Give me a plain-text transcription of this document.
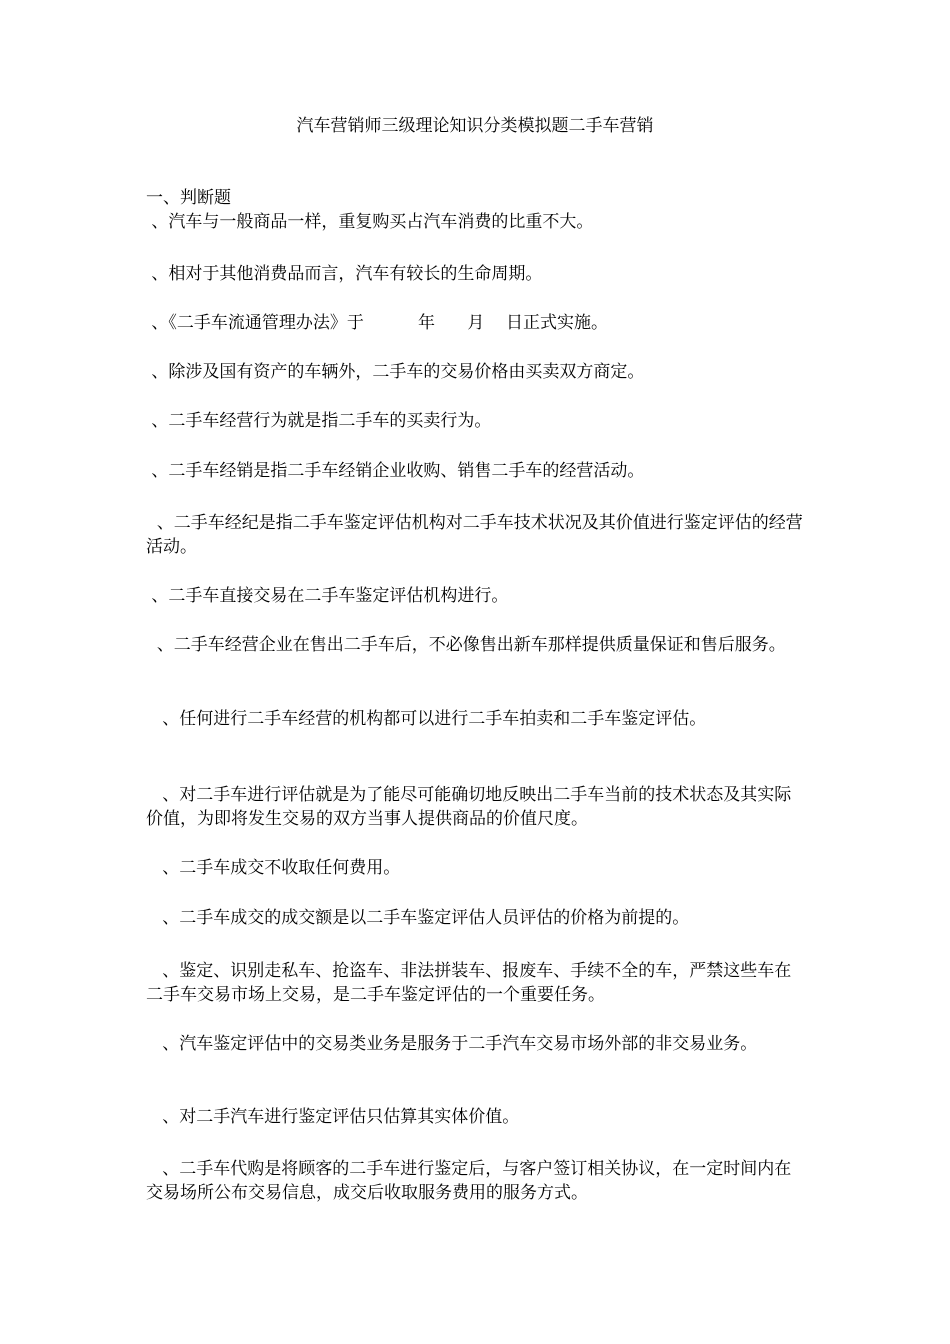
汽车营销师三级理论知识分类模拟题二手车营销
一、判断题
、汽车与一般商品一样，重复购买占汽车消费的比重不大。
、相对于其他消费品而言，汽车有较长的生命周期。
、《二手车流通管理办法》于          年      月    日正式实施。
、除涉及国有资产的车辆外，二手车的交易价格由买卖双方商定。
、二手车经营行为就是指二手车的买卖行为。
、二手车经销是指二手车经销企业收购、销售二手车的经营活动。
、二手车经纪是指二手车鉴定评估机构对二手车技术状况及其价值进行鉴定评估的经营活动。
、二手车直接交易在二手车鉴定评估机构进行。
、二手车经营企业在售出二手车后，不必像售出新车那样提供质量保证和售后服务。
、任何进行二手车经营的机构都可以进行二手车拍卖和二手车鉴定评估。
、对二手车进行评估就是为了能尽可能确切地反映出二手车当前的技术状态及其实际价值，为即将发生交易的双方当事人提供商品的价值尺度。
、二手车成交不收取任何费用。
、二手车成交的成交额是以二手车鉴定评估人员评估的价格为前提的。
、鉴定、识别走私车、抢盗车、非法拼装车、报废车、手续不全的车，严禁这些车在二手车交易市场上交易，是二手车鉴定评估的一个重要任务。
、汽车鉴定评估中的交易类业务是服务于二手汽车交易市场外部的非交易业务。
、对二手汽车进行鉴定评估只估算其实体价值。
、二手车代购是将顾客的二手车进行鉴定后，与客户签订相关协议，在一定时间内在交易场所公布交易信息，成交后收取服务费用的服务方式。
